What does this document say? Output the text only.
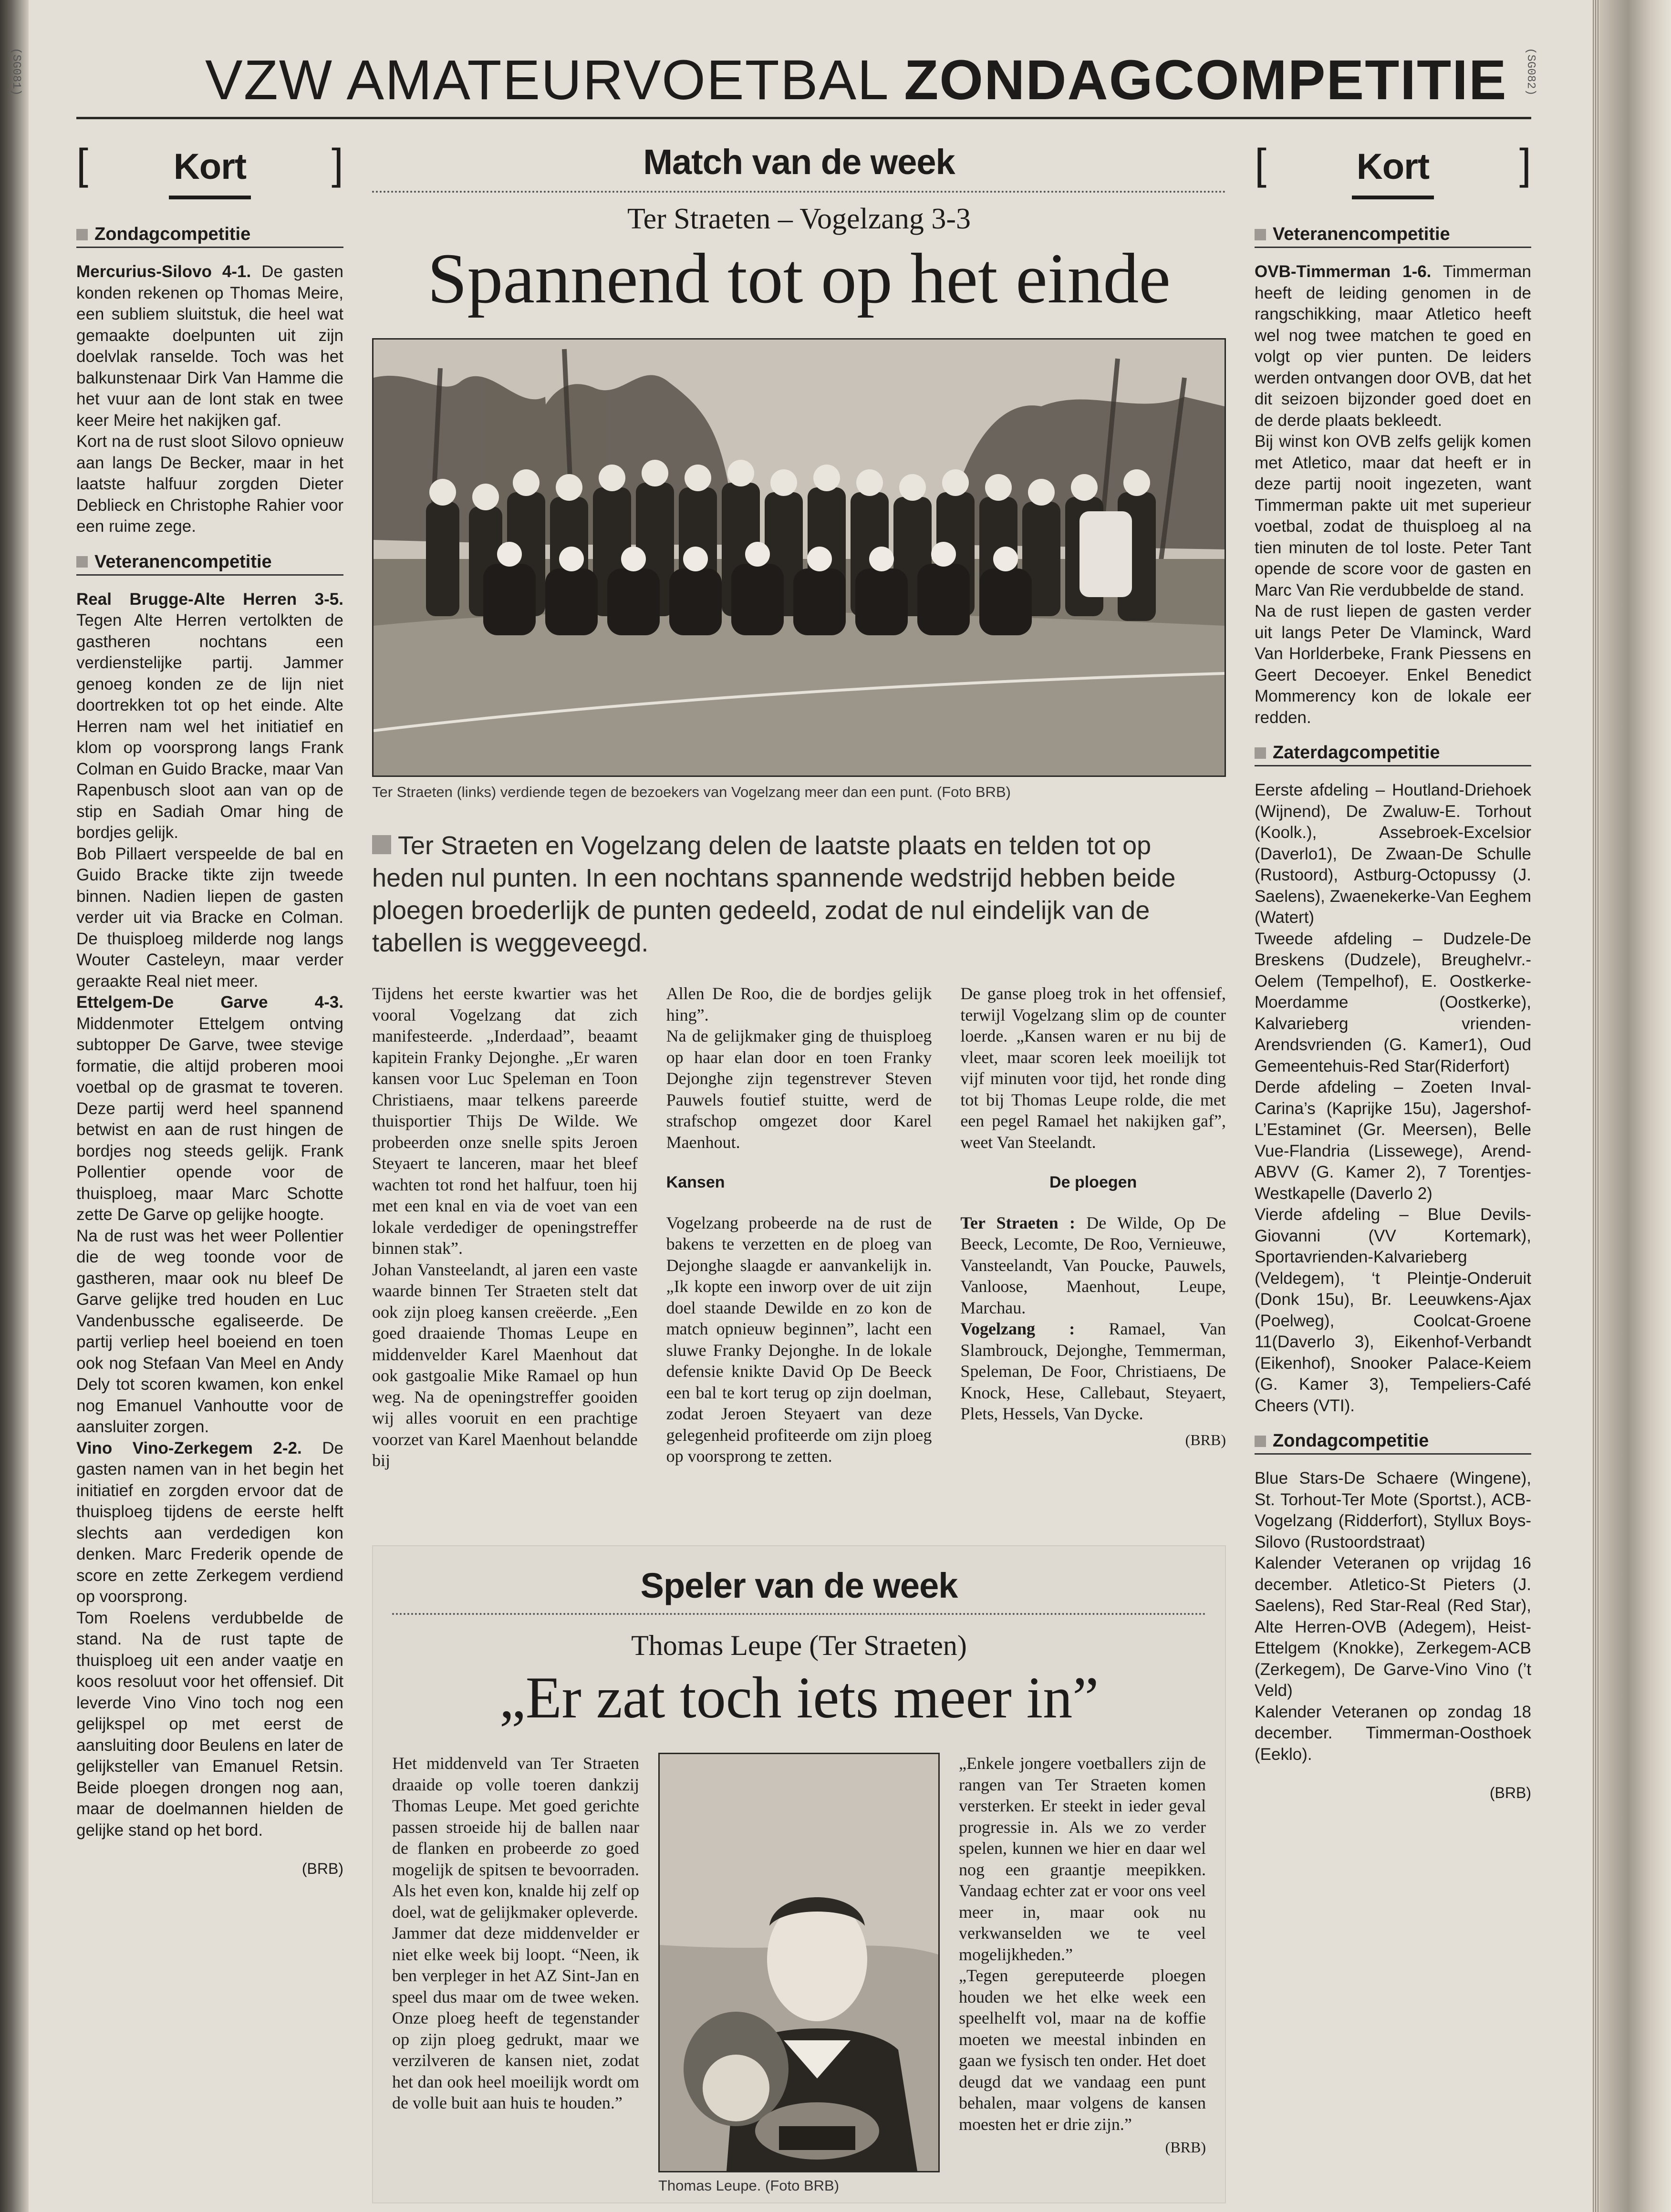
(SG081)	(SG082)
VZW AMATEURVOETBAL ZONDAGCOMPETITIE
[ Kort ]
Zondagcompetitie

Mercurius-Silovo 4-1. De gasten konden rekenen op Thomas Meire, een subliem sluitstuk, die heel wat gemaakte doelpunten uit zijn doelvlak ranselde. Toch was het balkunstenaar Dirk Van Hamme die het vuur aan de lont stak en twee keer Meire het nakijken gaf.

Kort na de rust sloot Silovo opnieuw aan langs De Becker, maar in het laatste halfuur zorgden Dieter Deblieck en Christophe Rahier voor een ruime zege.

Veteranencompetitie

Real Brugge-Alte Herren 3-5. Tegen Alte Herren vertolkten de gastheren nochtans een verdienstelijke partij. Jammer genoeg konden ze de lijn niet doortrekken tot op het einde. Alte Herren nam wel het initiatief en klom op voorsprong langs Frank Colman en Guido Bracke, maar Van Rapenbusch sloot aan van op de stip en Sadiah Omar hing de bordjes gelijk.

Bob Pillaert verspeelde de bal en Guido Bracke tikte zijn tweede binnen. Nadien liepen de gasten verder uit via Bracke en Colman. De thuisploeg milderde nog langs Wouter Casteleyn, maar verder geraakte Real niet meer.

Ettelgem-De Garve 4-3. Middenmoter Ettelgem ontving subtopper De Garve, twee stevige formatie, die altijd proberen mooi voetbal op de grasmat te toveren. Deze partij werd heel spannend betwist en aan de rust hingen de bordjes nog steeds gelijk. Frank Pollentier opende voor de thuisploeg, maar Marc Schotte zette De Garve op gelijke hoogte.

Na de rust was het weer Pollentier die de weg toonde voor de gastheren, maar ook nu bleef De Garve gelijke tred houden en Luc Vandenbussche egaliseerde. De partij verliep heel boeiend en toen ook nog Stefaan Van Meel en Andy Dely tot scoren kwamen, kon enkel nog Emanuel Vanhoutte voor de aansluiter zorgen.

Vino Vino-Zerkegem 2-2. De gasten namen van in het begin het initiatief en zorgden ervoor dat de thuisploeg tijdens de eerste helft slechts aan verdedigen kon denken. Marc Frederik opende de score en zette Zerkegem verdiend op voorsprong.

Tom Roelens verdubbelde de stand. Na de rust tapte de thuisploeg uit een ander vaatje en koos resoluut voor het offensief. Dit leverde Vino Vino toch nog een gelijkspel op met eerst de aansluiting door Beulens en later de gelijksteller van Emanuel Retsin. Beide ploegen drongen nog aan, maar de doelmannen hielden de gelijke stand op het bord.

(BRB)
Match van de week
Ter Straeten – Vogelzang 3-3
Spannend tot op het einde
Ter Straeten (links) verdiende tegen de bezoekers van Vogelzang meer dan een punt. (Foto BRB)
Ter Straeten en Vogelzang delen de laatste plaats en telden tot op heden nul punten. In een nochtans spannende wedstrijd hebben beide ploegen broederlijk de punten gedeeld, zodat de nul eindelijk van de tabellen is weggeveegd.

Tijdens het eerste kwartier was het vooral Vogelzang dat zich manifesteerde. „Inderdaad”, beaamt kapitein Franky Dejonghe. „Er waren kansen voor Luc Speleman en Toon Christiaens, maar telkens pareerde thuisportier Thijs De Wilde. We probeerden onze snelle spits Jeroen Steyaert te lanceren, maar het bleef wachten tot rond het halfuur, toen hij met een knal en via de voet van een lokale verdediger de openingstreffer binnen stak”.

Johan Vansteelandt, al jaren een vaste waarde binnen Ter Straeten stelt dat ook zijn ploeg kansen creëerde. „Een goed draaiende Thomas Leupe en middenvelder Karel Maenhout dat ook gastgoalie Mike Ramael op hun weg. Na de openingstreffer gooiden wij alles vooruit en een prachtige voorzet van Karel Maenhout belandde bij

Allen De Roo, die de bordjes gelijk hing”.

Na de gelijkmaker ging de thuisploeg op haar elan door en toen Franky Dejonghe zijn tegenstrever Steven Pauwels foutief stuitte, werd de strafschop omgezet door Karel Maenhout.

Kansen

Vogelzang probeerde na de rust de bakens te verzetten en de ploeg van Dejonghe slaagde er aanvankelijk in. „Ik kopte een inworp over de uit zijn doel staande Dewilde en zo kon de match opnieuw beginnen”, lacht een sluwe Franky Dejonghe. In de lokale defensie knikte David Op De Beeck een bal te kort terug op zijn doelman, zodat Jeroen Steyaert van deze gelegenheid profiteerde om zijn ploeg op voorsprong te zetten.

De ganse ploeg trok in het offensief, terwijl Vogelzang slim op de counter loerde. „Kansen waren er nu bij de vleet, maar scoren leek moeilijk tot vijf minuten voor tijd, het ronde ding tot bij Thomas Leupe rolde, die met een pegel Ramael het nakijken gaf”, weet Van Steelandt.

De ploegen

Ter Straeten : De Wilde, Op De Beeck, Lecomte, De Roo, Vernieuwe, Vansteelandt, Van Poucke, Pauwels, Vanloose, Maenhout, Leupe, Marchau.

Vogelzang : Ramael, Van Slambrouck, Dejonghe, Temmerman, Speleman, De Foor, Christiaens, De Knock, Hese, Callebaut, Steyaert, Plets, Hessels, Van Dycke.

(BRB)
Speler van de week
Thomas Leupe (Ter Straeten)
„Er zat toch iets meer in”

Het middenveld van Ter Straeten draaide op volle toeren dankzij Thomas Leupe. Met goed gerichte passen stroeide hij de ballen naar de flanken en probeerde zo goed mogelijk de spitsen te bevoorraden. Als het even kon, knalde hij zelf op doel, wat de gelijkmaker opleverde.

Jammer dat deze middenvelder er niet elke week bij loopt. “Neen, ik ben verpleger in het AZ Sint-Jan en speel dus maar om de twee weken. Onze ploeg heeft de tegenstander op zijn ploeg gedrukt, maar we verzilveren de kansen niet, zodat het dan ook heel moeilijk wordt om de volle buit aan huis te houden.”

Thomas Leupe. (Foto BRB)

„Enkele jongere voetballers zijn de rangen van Ter Straeten komen versterken. Er steekt in ieder geval progressie in. Als we zo verder spelen, kunnen we hier en daar wel nog een graantje meepikken. Vandaag echter zat er voor ons veel meer in, maar ook nu verkwanselden we te veel mogelijkheden.”

„Tegen gereputeerde ploegen houden we het elke week een speelhelft vol, maar na de koffie moeten we meestal inbinden en gaan we fysisch ten onder. Het doet deugd dat we vandaag een punt behalen, maar volgens de kansen moesten het er drie zijn.”

(BRB)
[ Kort ]
Veteranencompetitie

OVB-Timmerman 1-6. Timmerman heeft de leiding genomen in de rangschikking, maar Atletico heeft wel nog twee matchen te goed en volgt op vier punten. De leiders werden ontvangen door OVB, dat het dit seizoen bijzonder goed doet en de derde plaats bekleedt.

Bij winst kon OVB zelfs gelijk komen met Atletico, maar dat heeft er in deze partij nooit ingezeten, want Timmerman pakte uit met superieur voetbal, zodat de thuisploeg al na tien minuten de tol loste. Peter Tant opende de score voor de gasten en Marc Van Rie verdubbelde de stand.

Na de rust liepen de gasten verder uit langs Peter De Vlaminck, Ward Van Horlderbeke, Frank Piessens en Geert Decoeyer. Enkel Benedict Mommerency kon de lokale eer redden.

Zaterdagcompetitie

Eerste afdeling – Houtland-Driehoek (Wijnend), De Zwaluw-E. Torhout (Koolk.), Assebroek-Excelsior (Daverlo1), De Zwaan-De Schulle (Rustoord), Astburg-Octopussy (J. Saelens), Zwaenekerke-Van Eeghem (Watert)

Tweede afdeling – Dudzele-De Breskens (Dudzele), Breughelvr.-Oelem (Tempelhof), E. Oostkerke-Moerdamme (Oostkerke), Kalvarieberg vrienden-Arendsvrienden (G. Kamer1), Oud Gemeentehuis-Red Star(Riderfort)

Derde afdeling – Zoeten Inval-Carina’s (Kaprijke 15u), Jagershof-L’Estaminet (Gr. Meersen), Belle Vue-Flandria (Lissewege), Arend-ABVV (G. Kamer 2), 7 Torentjes-Westkapelle (Daverlo 2)

Vierde afdeling – Blue Devils-Giovanni (VV Kortemark), Sportavrienden-Kalvarieberg (Veldegem), ‘t Pleintje-Onderuit (Donk 15u), Br. Leeuwkens-Ajax (Poelweg), Coolcat-Groene 11(Daverlo 3), Eikenhof-Verbandt (Eikenhof), Snooker Palace-Keiem (G. Kamer 3), Tempeliers-Café Cheers (VTI).

Zondagcompetitie

Blue Stars-De Schaere (Wingene), St. Torhout-Ter Mote (Sportst.), ACB-Vogelzang (Ridderfort), Styllux Boys-Silovo (Rustoordstraat)

Kalender Veteranen op vrijdag 16 december. Atletico-St Pieters (J. Saelens), Red Star-Real (Red Star), Alte Herren-OVB (Adegem), Heist-Ettelgem (Knokke), Zerkegem-ACB (Zerkegem), De Garve-Vino Vino (’t Veld)

Kalender Veteranen op zondag 18 december. Timmerman-Oosthoek (Eeklo).

(BRB)
